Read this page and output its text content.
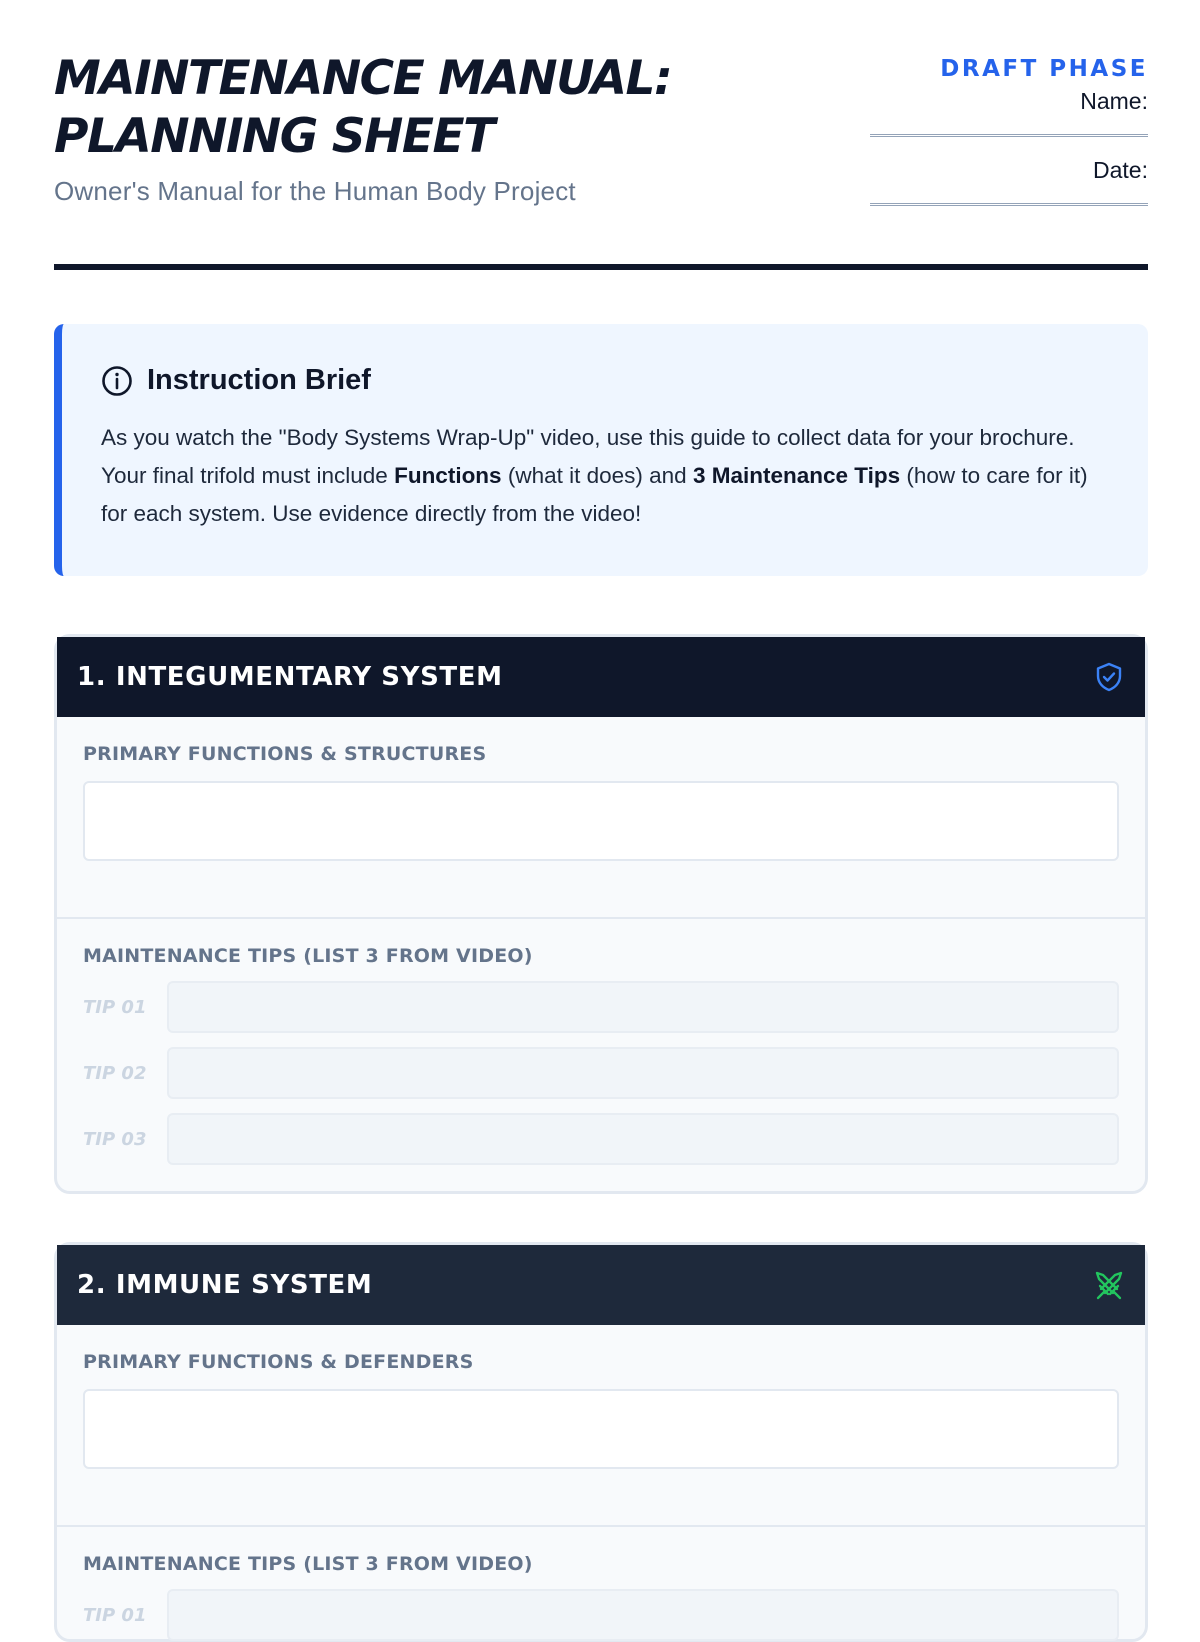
MAINTENANCE MANUAL:
PLANNING SHEET
Owner's Manual for the Human Body Project
DRAFT PHASE
Name:
Date:
Instruction Brief
As you watch the "Body Systems Wrap-Up" video, use this guide to collect data for your brochure. Your final trifold must include Functions (what it does) and 3 Maintenance Tips (how to care for it) for each system. Use evidence directly from the video!
1. INTEGUMENTARY SYSTEM
PRIMARY FUNCTIONS & STRUCTURES
MAINTENANCE TIPS (LIST 3 FROM VIDEO)
TIP 01
TIP 02
TIP 03
2. IMMUNE SYSTEM
PRIMARY FUNCTIONS & DEFENDERS
MAINTENANCE TIPS (LIST 3 FROM VIDEO)
TIP 01
